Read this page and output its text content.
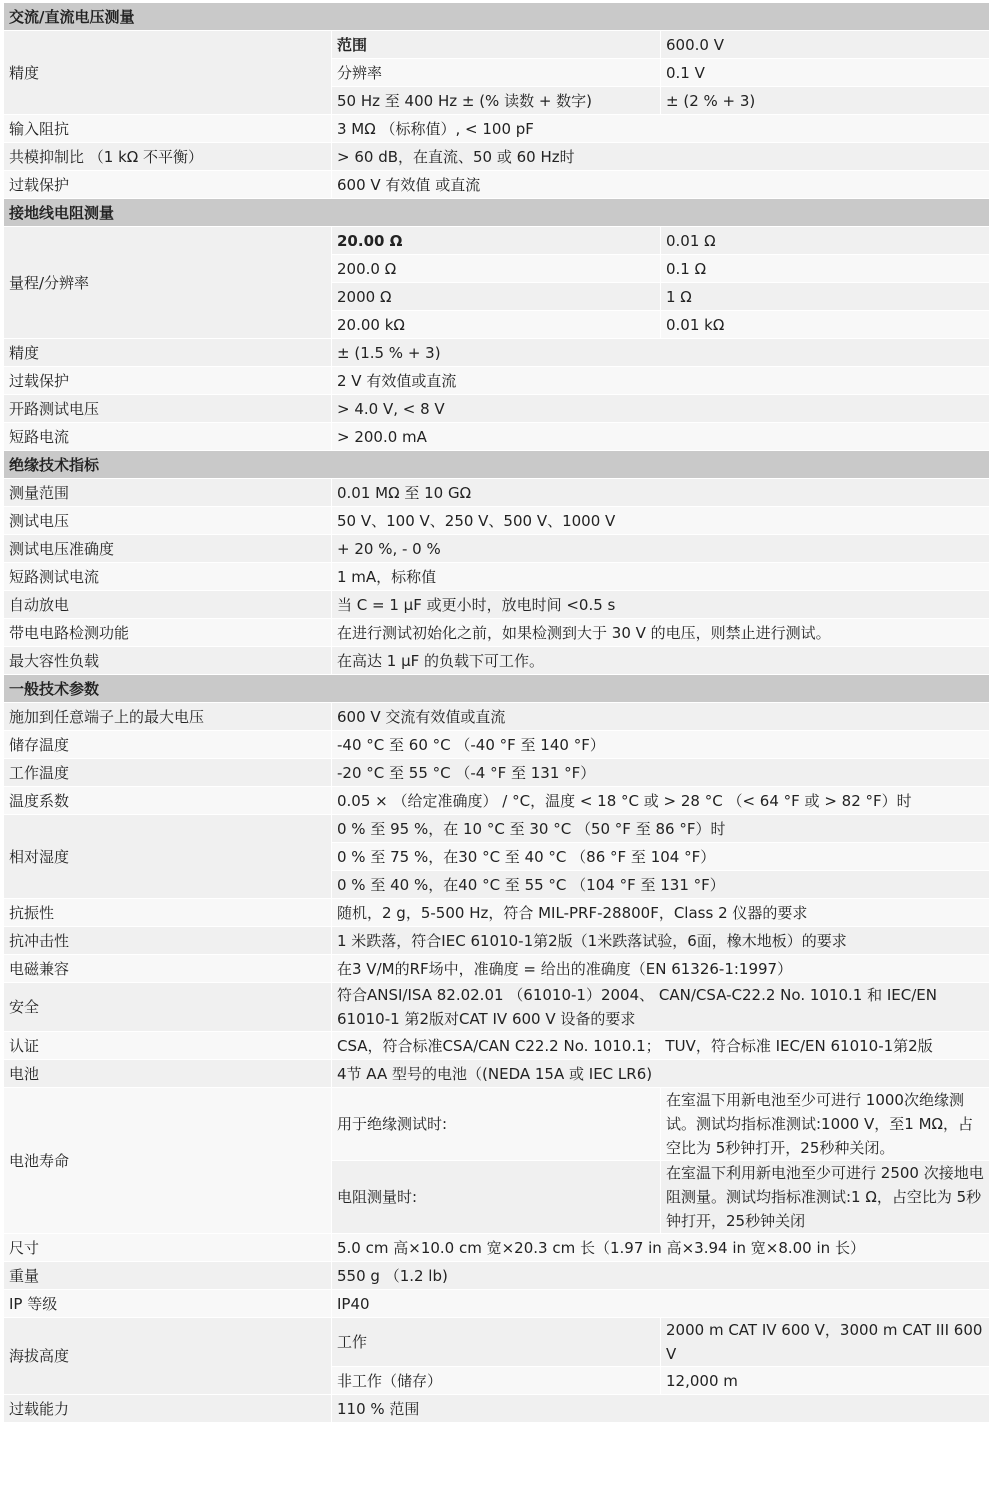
交流/直流电压测量		
精度	范围	600.0 V
	分辨率	0.1 V
	50 Hz 至 400 Hz ± (% 读数 + 数字)	± (2 % + 3)
输入阻抗	3 MΩ （标称值）, < 100 pF	
共模抑制比 （1 kΩ 不平衡）	> 60 dB，在直流、50 或 60 Hz时	
过载保护	600 V 有效值 或直流	
接地线电阻测量		
量程/分辨率	20.00 Ω	0.01 Ω
	200.0 Ω	0.1 Ω
	2000 Ω	1 Ω
	20.00 kΩ	0.01 kΩ
精度	± (1.5 % + 3)	
过载保护	2 V 有效值或直流	
开路测试电压	> 4.0 V, < 8 V	
短路电流	> 200.0 mA	
绝缘技术指标		
测量范围	0.01 MΩ 至 10 GΩ	
测试电压	50 V、100 V、250 V、500 V、1000 V	
测试电压准确度	+ 20 %, - 0 %	
短路测试电流	1 mA，标称值	
自动放电	当 C = 1 µF 或更小时，放电时间 <0.5 s	
带电电路检测功能	在进行测试初始化之前，如果检测到大于 30 V 的电压，则禁止进行测试。	
最大容性负载	在高达 1 µF 的负载下可工作。	
一般技术参数		
施加到任意端子上的最大电压	600 V 交流有效值或直流	
储存温度	-40 °C 至 60 °C （-40 °F 至 140 °F）	
工作温度	-20 °C 至 55 °C （-4 °F 至 131 °F）	
温度系数	0.05 × （给定准确度） / °C，温度 < 18 °C 或 > 28 °C （< 64 °F 或 > 82 °F）时	
相对湿度	0 % 至 95 %，在 10 °C 至 30 °C （50 °F 至 86 °F）时	
	0 % 至 75 %，在30 °C 至 40 °C （86 °F 至 104 °F）	
	0 % 至 40 %，在40 °C 至 55 °C （104 °F 至 131 °F）	
抗振性	随机，2 g，5-500 Hz，符合 MIL-PRF-28800F，Class 2 仪器的要求	
抗冲击性	1 米跌落，符合IEC 61010-1第2版（1米跌落试验，6面，橡木地板）的要求	
电磁兼容	在3 V/M的RF场中，准确度 = 给出的准确度（EN 61326-1:1997）	
安全	符合ANSI/ISA 82.02.01 （61010-1）2004、 CAN/CSA-C22.2 No. 1010.1 和 IEC/EN 61010-1 第2版对CAT IV 600 V 设备的要求	
认证	CSA，符合标准CSA/CAN C22.2 No. 1010.1； TUV，符合标准 IEC/EN 61010-1第2版	
电池	4节 AA 型号的电池（(NEDA 15A 或 IEC LR6)	
电池寿命	用于绝缘测试时:	在室温下用新电池至少可进行 1000次绝缘测试。测试均指标准测试:1000 V，至1 MΩ，占空比为 5秒钟打开，25秒种关闭。
	电阻测量时:	在室温下利用新电池至少可进行 2500 次接地电阻测量。测试均指标准测试:1 Ω，占空比为 5秒钟打开，25秒钟关闭
尺寸	5.0 cm 高×10.0 cm 宽×20.3 cm 长（1.97 in 高×3.94 in 宽×8.00 in 长）	
重量	550 g （1.2 lb)	
IP 等级	IP40	
海拔高度	工作	2000 m CAT IV 600 V，3000 m CAT III 600 V
	非工作（储存）	12,000 m
过载能力	110 % 范围	
